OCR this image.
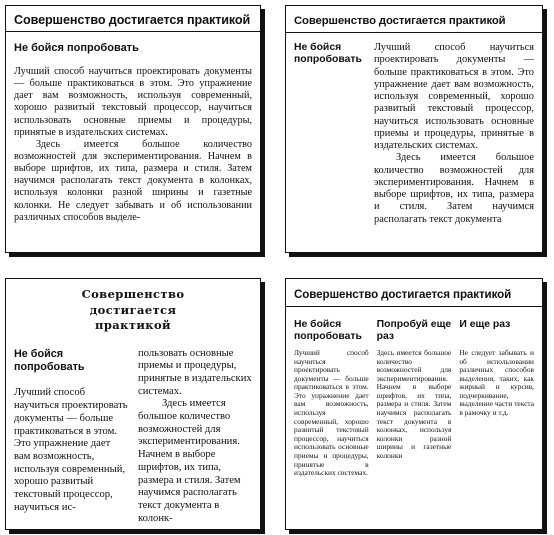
Совершенство достигается практикой
Не бойся попробовать

Лучший способ научиться проектировать документы — больше практиковаться в этом. Это упражнение дает вам возможность, используя современный, хорошо развитый текстовый процессор, научиться использовать основные приемы и процедуры, принятые в издательских системах.

Здесь имеется большое количество возможностей для экспериментирования. Начнем в выборе шрифтов, их типа, размера и стиля. Затем научимся располагать текст документа в колонках, используя колонки разной ширины и газетные колонки. Не следует забывать и об использовании различных способов выделе-

Совершенство достигается практикой
Не бойся попробовать

Лучший способ научиться проектировать документы — больше практиковаться в этом. Это упражнение дает вам возможность, используя современный, хорошо развитый текстовый процессор, научиться использовать основные приемы и процедуры, принятые в издательских системах.

Здесь имеется большое количество возможностей для экспериментирования. Начнем в выборе шрифтов, их типа, размера и стиля. Затем научимся располагать текст документа

Совершенство достигается практикой
Не бойся попробовать

Лучший способ научиться проектировать документы — больше практиковаться в этом. Это упражнение дает вам возможность, используя современный, хорошо развитый текстовый процессор, научиться ис-

пользовать основные приемы и процедуры, принятые в издательских системах.

Здесь имеется большое количество возможностей для экспериментирования. Начнем в выборе шрифтов, их типа, размера и стиля. Затем научимся располагать текст документа в колонк-

Совершенство достигается практикой
Не бойся попробовать

Лучший способ научиться проектировать документы — больше практиковаться в этом. Это упражнение дает вам возможность, используя современный, хорошо развитый текстовый процессор, научиться использовать основные приемы и процедуры, принятые в издательских системах.

Попробуй еще раз

Здесь имеется большое количество возможностей для экспериментирования. Начнем в выборе шрифтов, их типа, размера и стиля. Затем научимся располагать текст документа в колонках, используя колонки разной ширины и газетные колонки

И еще раз

Не следует забывать и об использовании различных способов выделения, таких, как жирный и курсив, подчеркивание, выделение части текста в рамочку и т.д.
